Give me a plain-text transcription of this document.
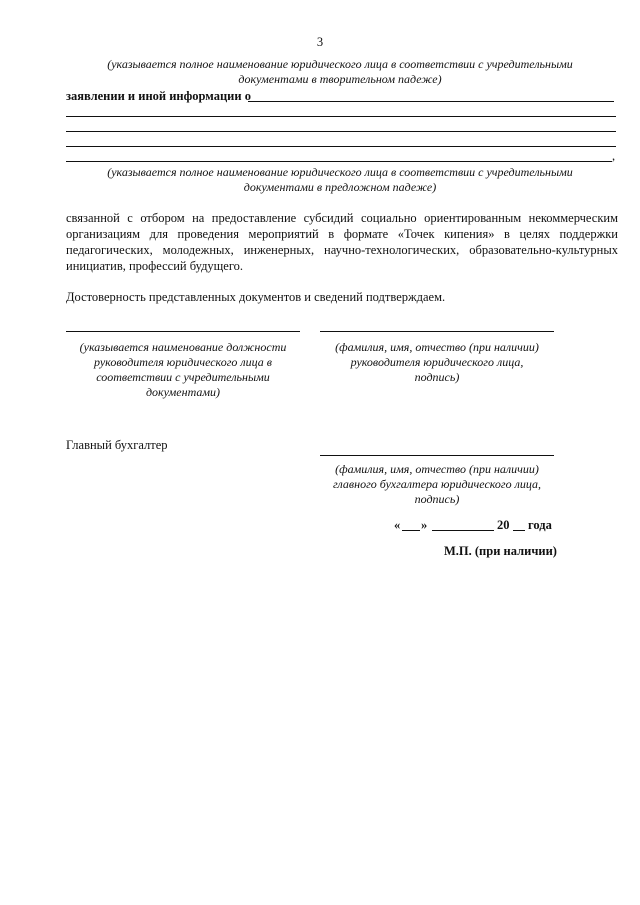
3
(указывается полное наименование юридического лица в соответствии с учредительными
документами в творительном падеже)
заявлении и иной информации о
,
(указывается полное наименование юридического лица в соответствии с учредительными
документами в предложном падеже)
связанной с отбором на предоставление субсидий социально ориентированным некоммерческим
организациям для проведения мероприятий в формате «Точек кипения» в целях поддержки
педагогических, молодежных, инженерных, научно-технологических, образовательно-культурных
инициатив, профессий будущего.
Достоверность представленных документов и сведений подтверждаем.
(указывается наименование должности
руководителя юридического лица в
соответствии с учредительными
документами)
(фамилия, имя, отчество (при наличии)
руководителя юридического лица,
подпись)
Главный бухгалтер
(фамилия, имя, отчество (при наличии)
главного бухгалтера юридического лица,
подпись)
« »	20 года
М.П. (при наличии)
